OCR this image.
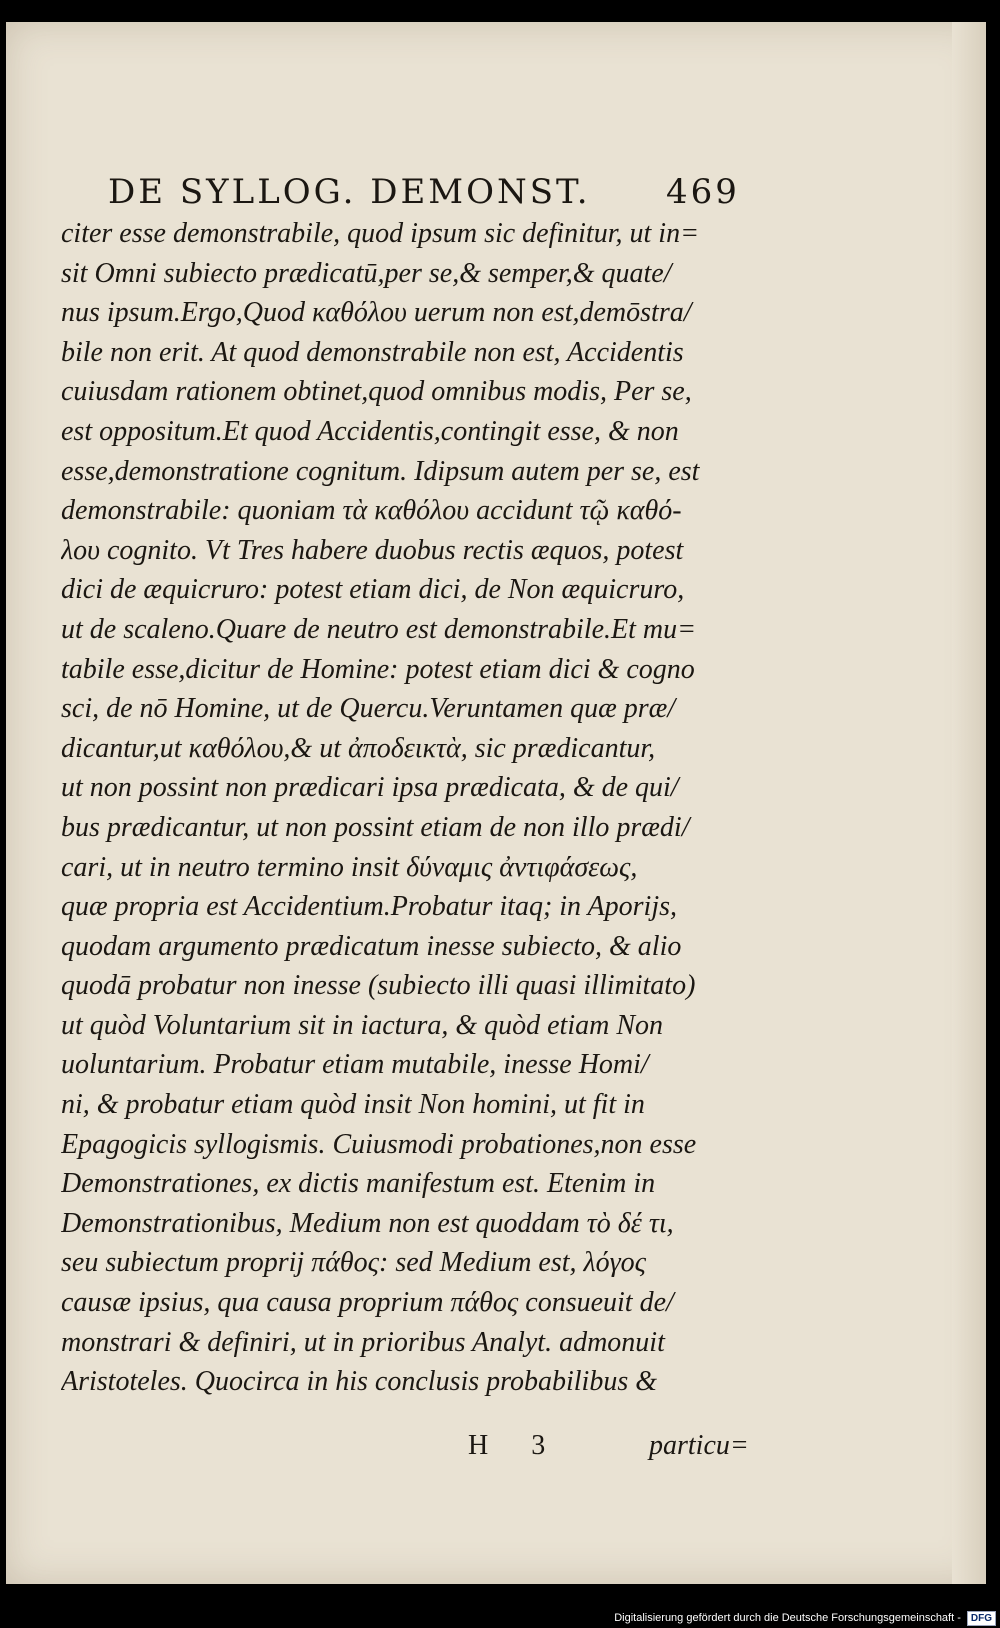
DE SYLLOG. DEMONST. 469
citer esse demonstrabile, quod ipsum sic definitur, ut in=
sit Omni subiecto prædicatū,per se,& semper,& quate/
nus ipsum.Ergo,Quod καθόλου uerum non est,demōstra/
bile non erit. At quod demonstrabile non est, Accidentis
cuiusdam rationem obtinet,quod omnibus modis, Per se,
est oppositum.Et quod Accidentis,contingit esse, & non
esse,demonstratione cognitum. Idipsum autem per se, est
demonstrabile: quoniam τὰ καθόλου accidunt τῷ καθό-
λου cognito. Vt Tres habere duobus rectis æquos, potest
dici de æquicruro: potest etiam dici, de Non æquicruro,
ut de scaleno.Quare de neutro est demonstrabile.Et mu=
tabile esse,dicitur de Homine: potest etiam dici & cogno
sci, de nō Homine, ut de Quercu.Veruntamen quæ præ/
dicantur,ut καθόλου,& ut ἀποδεικτὰ, sic prædicantur,
ut non possint non prædicari ipsa prædicata, & de qui/
bus prædicantur, ut non possint etiam de non illo prædi/
cari, ut in neutro termino insit δύναμις ἀντιφάσεως,
quæ propria est Accidentium.Probatur itaq; in Aporijs,
quodam argumento prædicatum inesse subiecto, & alio
quodā probatur non inesse (subiecto illi quasi illimitato)
ut quòd Voluntarium sit in iactura, & quòd etiam Non
uoluntarium. Probatur etiam mutabile, inesse Homi/
ni, & probatur etiam quòd insit Non homini, ut fit in
Epagogicis syllogismis. Cuiusmodi probationes,non esse
Demonstrationes, ex dictis manifestum est. Etenim in
Demonstrationibus, Medium non est quoddam τὸ δέ τι,
seu subiectum proprij πάθος: sed Medium est, λόγος
causæ ipsius, qua causa proprium πάθος consueuit de/
monstrari & definiri, ut in prioribus Analyt. admonuit
Aristoteles. Quocirca in his conclusis probabilibus &
H 3	particu=
Digitalisierung gefördert durch die Deutsche Forschungsgemeinschaft -	DFG
